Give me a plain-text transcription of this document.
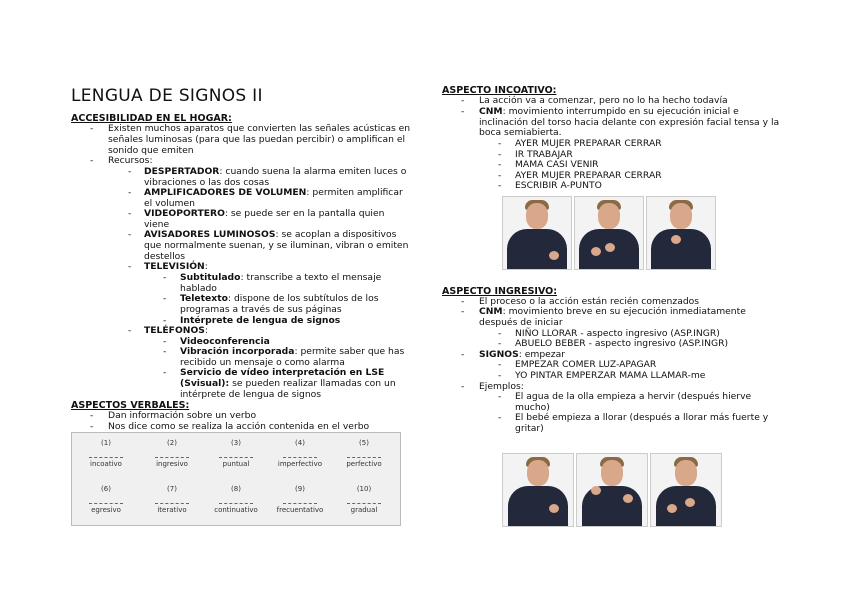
LENGUA DE SIGNOS II
ACCESIBILIDAD EN EL HOGAR:
- Existen muchos aparatos que convierten las señales acústicas en
señales luminosas (para que las puedan percibir) o amplifican el
sonido que emiten
- Recursos:
- DESPERTADOR: cuando suena la alarma emiten luces o
vibraciones o las dos cosas
- AMPLIFICADORES DE VOLUMEN: permiten amplificar
el volumen
- VIDEOPORTERO: se puede ser en la pantalla quien
viene
- AVISADORES LUMINOSOS: se acoplan a dispositivos
que normalmente suenan, y se iluminan, vibran o emiten
destellos
- TELEVISIÓN:
- Subtitulado: transcribe a texto el mensaje
hablado
- Teletexto: dispone de los subtítulos de los
programas a través de sus páginas
- Intérprete de lengua de signos
- TELÉFONOS:
- Videoconferencia
- Vibración incorporada: permite saber que has
recibido un mensaje o como alarma
- Servicio de vídeo interpretación en LSE
(Svisual): se pueden realizar llamadas con un
intérprete de lengua de signos
ASPECTOS VERBALES:
- Dan información sobre un verbo
- Nos dice como se realiza la acción contenida en el verbo
(1)
incoativo
(2)
ingresivo
(3)
puntual
(4)
imperfectivo
(5)
perfectivo
(6)
egresivo
(7)
iterativo
(8)
continuativo
(9)
frecuentativo
(10)
gradual
ASPECTO INCOATIVO:
- La acción va a comenzar, pero no lo ha hecho todavía
- CNM: movimiento interrumpido en su ejecución inicial e
inclinación del torso hacia delante con expresión facial tensa y la
boca semiabierta.
- AYER MUJER PREPARAR CERRAR
- IR TRABAJAR
- MAMA CASI VENIR
- AYER MUJER PREPARAR CERRAR
- ESCRIBIR A-PUNTO
ASPECTO INGRESIVO:
- El proceso o la acción están recién comenzados
- CNM: movimiento breve en su ejecución inmediatamente
después de iniciar
- NIÑO LLORAR - aspecto ingresivo (ASP.INGR)
- ABUELO BEBER - aspecto ingresivo (ASP.INGR)
- SIGNOS: empezar
- EMPEZAR COMER LUZ-APAGAR
- YO PINTAR EMPERZAR MAMA LLAMAR-me
- Ejemplos:
- El agua de la olla empieza a hervir (después hierve
mucho)
- El bebé empieza a llorar (después a llorar más fuerte y
gritar)
